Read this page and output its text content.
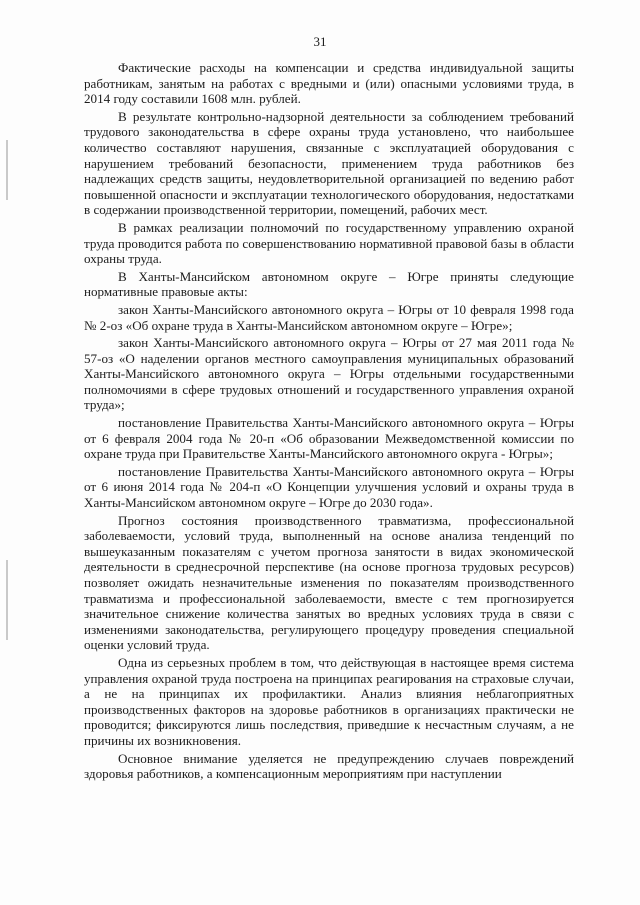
31

Фактические расходы на компенсации и средства индивидуальной защиты работникам, занятым на работах с вредными и (или) опасными условиями труда, в 2014 году составили 1608 млн. рублей.

В результате контрольно-надзорной деятельности за соблюдением требований трудового законодательства в сфере охраны труда установлено, что наибольшее количество составляют нарушения, связанные с эксплуатацией оборудования с нарушением требований безопасности, применением труда работников без надлежащих средств защиты, неудовлетворительной организацией по ведению работ повышенной опасности и эксплуатации технологического оборудования, недостатками в содержании производственной территории, помещений, рабочих мест.

В рамках реализации полномочий по государственному управлению охраной труда проводится работа по совершенствованию нормативной правовой базы в области охраны труда.

В Ханты-Мансийском автономном округе – Югре приняты следующие нормативные правовые акты:

закон Ханты-Мансийского автономного округа – Югры от 10 февраля 1998 года № 2-оз «Об охране труда в Ханты-Мансийском автономном округе – Югре»;

закон Ханты-Мансийского автономного округа – Югры от 27 мая 2011 года № 57-оз «О наделении органов местного самоуправления муниципальных образований Ханты-Мансийского автономного округа – Югры отдельными государственными полномочиями в сфере трудовых отношений и государственного управления охраной труда»;

постановление Правительства Ханты-Мансийского автономного округа – Югры от 6 февраля 2004 года № 20-п «Об образовании Межведомственной комиссии по охране труда при Правительстве Ханты-Мансийского автономного округа - Югры»;

постановление Правительства Ханты-Мансийского автономного округа – Югры от 6 июня 2014 года № 204-п «О Концепции улучшения условий и охраны труда в Ханты-Мансийском автономном округе – Югре до 2030 года».

Прогноз состояния производственного травматизма, профессиональной заболеваемости, условий труда, выполненный на основе анализа тенденций по вышеуказанным показателям с учетом прогноза занятости в видах экономической деятельности в среднесрочной перспективе (на основе прогноза трудовых ресурсов) позволяет ожидать незначительные изменения по показателям производственного травматизма и профессиональной заболеваемости, вместе с тем прогнозируется значительное снижение количества занятых во вредных условиях труда в связи с изменениями законодательства, регулирующего процедуру проведения специальной оценки условий труда.

Одна из серьезных проблем в том, что действующая в настоящее время система управления охраной труда построена на принципах реагирования на страховые случаи, а не на принципах их профилактики. Анализ влияния неблагоприятных производственных факторов на здоровье работников в организациях практически не проводится; фиксируются лишь последствия, приведшие к несчастным случаям, а не причины их возникновения.

Основное внимание уделяется не предупреждению случаев повреждений здоровья работников, а компенсационным мероприятиям при наступлении
